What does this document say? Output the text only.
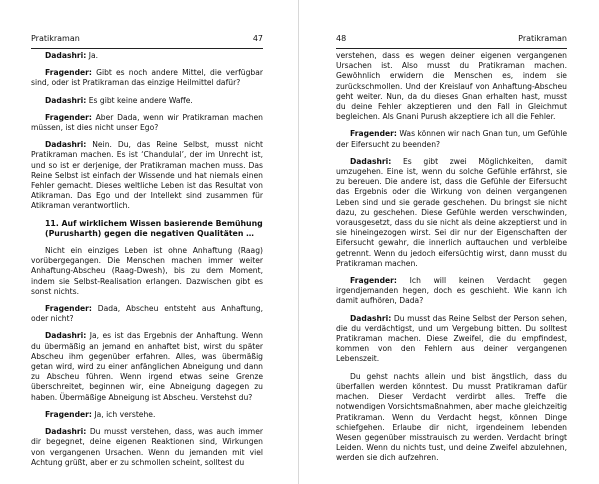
Pratikraman	47

Dadashri: Ja.

Fragender: Gibt es noch andere Mittel, die verfügbar sind, oder ist Pratikraman das einzige Heilmittel dafür?

Dadashri: Es gibt keine andere Waffe.

Fragender: Aber Dada, wenn wir Pratikraman machen müssen, ist dies nicht unser Ego?

Dadashri: Nein. Du, das Reine Selbst, musst nicht Pratikraman machen. Es ist ‘Chandulal’, der im Unrecht ist, und so ist er derjenige, der Pratikraman machen muss. Das Reine Selbst ist einfach der Wissende und hat niemals einen Fehler gemacht. Dieses weltliche Leben ist das Resultat von Atikraman. Das Ego und der Intellekt sind zusammen für Atikraman verantwortlich.

11. Auf wirklichem Wissen basierende Bemühung (Purusharth) gegen die negativen Qualitäten …

Nicht ein einziges Leben ist ohne Anhaftung (Raag) vorübergegangen. Die Menschen machen immer weiter Anhaftung-Abscheu (Raag-Dwesh), bis zu dem Moment, indem sie Selbst-Realisation erlangen. Dazwischen gibt es sonst nichts.

Fragender: Dada, Abscheu entsteht aus Anhaftung, oder nicht?

Dadashri: Ja, es ist das Ergebnis der Anhaftung. Wenn du übermäßig an jemand en anhaftet bist, wirst du später Abscheu ihm gegenüber erfahren. Alles, was übermäßig getan wird, wird zu einer anfänglichen Abneigung und dann zu Abscheu führen. Wenn irgend etwas seine Grenze überschreitet, beginnen wir, eine Abneigung dagegen zu haben. Übermäßige Abneigung ist Abscheu. Verstehst du?

Fragender: Ja, ich verstehe.

Dadashri: Du musst verstehen, dass, was auch immer dir begegnet, deine eigenen Reaktionen sind, Wirkungen von vergangenen Ursachen. Wenn du jemanden mit viel Achtung grüßt, aber er zu schmollen scheint, solltest du

48	Pratikraman

verstehen, dass es wegen deiner eigenen vergangenen Ursachen ist. Also musst du Pratikraman machen. Gewöhnlich erwidern die Menschen es, indem sie zurückschmollen. Und der Kreislauf von Anhaftung-Abscheu geht weiter. Nun, da du dieses Gnan erhalten hast, musst du deine Fehler akzeptieren und den Fall in Gleichmut begleichen. Als Gnani Purush akzeptiere ich all die Fehler.

Fragender: Was können wir nach Gnan tun, um Gefühle der Eifersucht zu beenden?

Dadashri: Es gibt zwei Möglichkeiten, damit umzugehen. Eine ist, wenn du solche Gefühle erfährst, sie zu bereuen. Die andere ist, dass die Gefühle der Eifersucht das Ergebnis oder die Wirkung von deinen vergangenen Leben sind und sie gerade geschehen. Du bringst sie nicht dazu, zu geschehen. Diese Gefühle werden verschwinden, vorausgesetzt, dass du sie nicht als deine akzeptierst und in sie hineingezogen wirst. Sei dir nur der Eigenschaften der Eifersucht gewahr, die innerlich auftauchen und verbleibe getrennt. Wenn du jedoch eifersüchtig wirst, dann musst du Pratikraman machen.

Fragender: Ich will keinen Verdacht gegen irgendjemanden hegen, doch es geschieht. Wie kann ich damit aufhören, Dada?

Dadashri: Du musst das Reine Selbst der Person sehen, die du verdächtigst, und um Vergebung bitten. Du solltest Pratikraman machen. Diese Zweifel, die du empfindest, kommen von den Fehlern aus deiner vergangenen Lebenszeit.

Du gehst nachts allein und bist ängstlich, dass du überfallen werden könntest. Du musst Pratikraman dafür machen. Dieser Verdacht verdirbt alles. Treffe die notwendigen Vorsichtsmaßnahmen, aber mache gleichzeitig Pratikraman. Wenn du Verdacht hegst, können Dinge schiefgehen. Erlaube dir nicht, irgendeinem lebenden Wesen gegenüber misstrauisch zu werden. Verdacht bringt Leiden. Wenn du nichts tust, und deine Zweifel abzulehnen, werden sie dich aufzehren.
